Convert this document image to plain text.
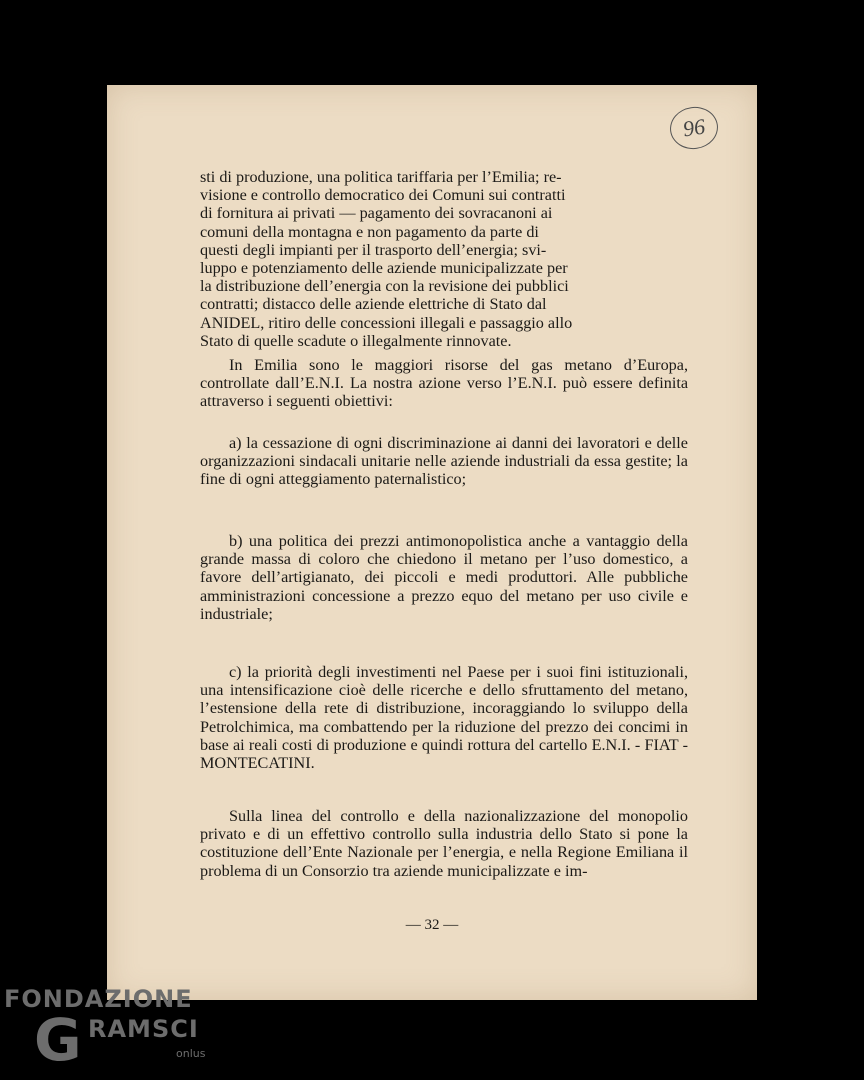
96

sti di produzione, una politica tariffaria per l’Emilia; re-

visione e controllo democratico dei Comuni sui contratti

di fornitura ai privati — pagamento dei sovracanoni ai

comuni della montagna e non pagamento da parte di

questi degli impianti per il trasporto dell’energia; svi-

luppo e potenziamento delle aziende municipalizzate per

la distribuzione dell’energia con la revisione dei pubblici

contratti; distacco delle aziende elettriche di Stato dal

ANIDEL, ritiro delle concessioni illegali e passaggio allo

Stato di quelle scadute o illegalmente rinnovate.

In Emilia sono le maggiori risorse del gas metano d’Europa, controllate dall’E.N.I. La nostra azione verso l’E.N.I. può essere definita attraverso i seguenti obiettivi:

a) la cessazione di ogni discriminazione ai danni dei lavoratori e delle organizzazioni sindacali unitarie nelle aziende industriali da essa gestite; la fine di ogni atteggiamento paternalistico;

b) una politica dei prezzi antimonopolistica anche a vantaggio della grande massa di coloro che chiedono il metano per l’uso domestico, a favore dell’artigianato, dei piccoli e medi produttori. Alle pubbliche amministrazioni concessione a prezzo equo del metano per uso civile e industriale;

c) la priorità degli investimenti nel Paese per i suoi fini istituzionali, una intensificazione cioè delle ricerche e dello sfruttamento del metano, l’estensione della rete di distribuzione, incoraggiando lo sviluppo della Petrolchimica, ma combattendo per la riduzione del prezzo dei concimi in base ai reali costi di produzione e quindi rottura del cartello E.N.I. - FIAT - MONTECATINI.

Sulla linea del controllo e della nazionalizzazione del monopolio privato e di un effettivo controllo sulla industria dello Stato si pone la costituzione dell’Ente Nazionale per l’energia, e nella Regione Emiliana il problema di un Consorzio tra aziende municipalizzate e im-

— 32 —
FONDAZIONE
G RAMSCI
onlus
